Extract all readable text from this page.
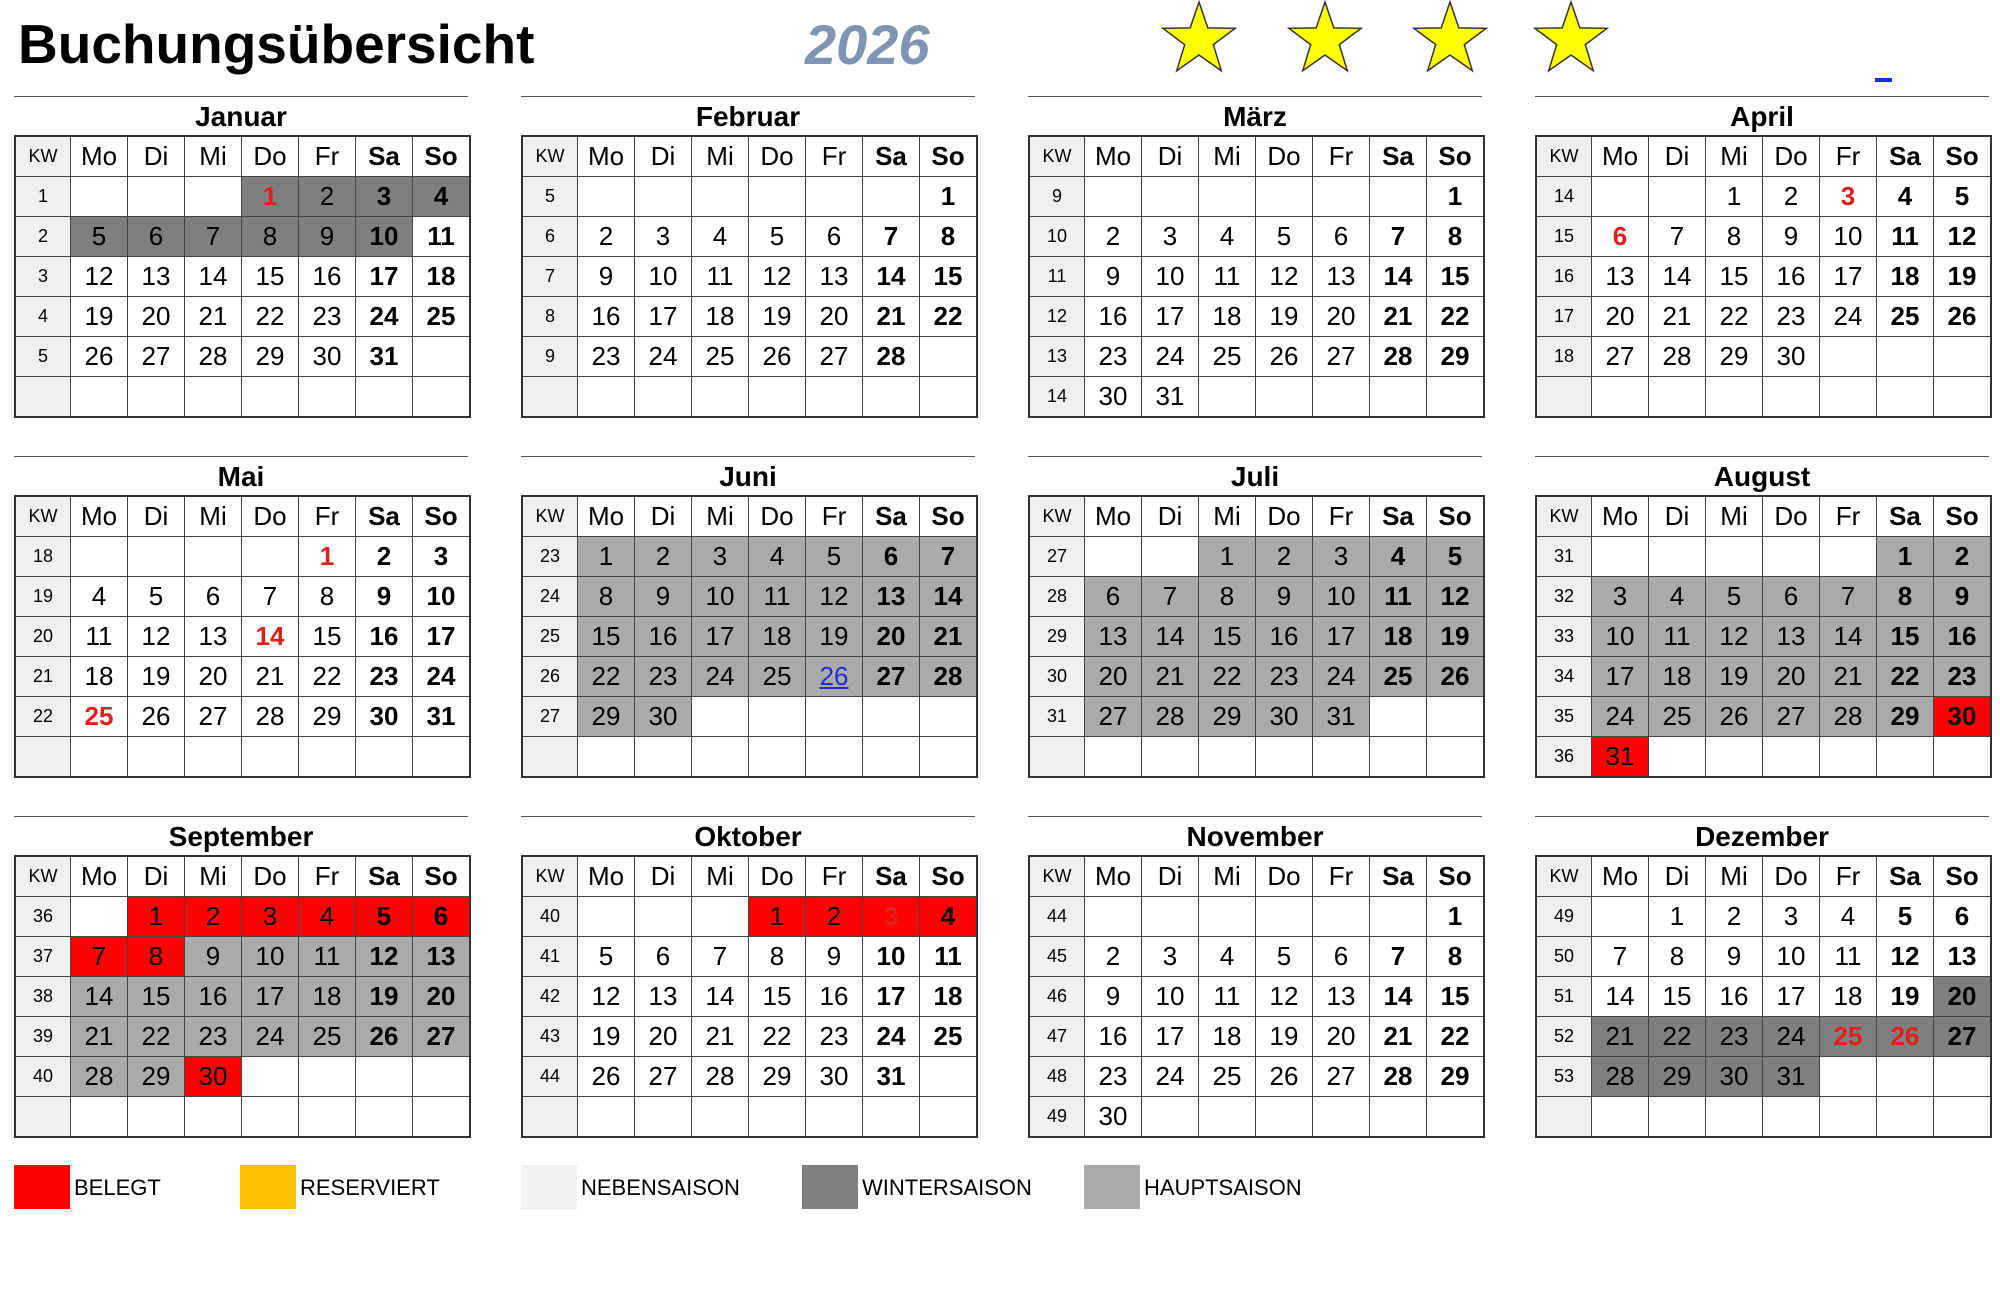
Buchungsübersicht	2026
Januar
KW	Mo	Di	Mi	Do	Fr	Sa	So
1				1	2	3	4
2	5	6	7	8	9	10	11
3	12	13	14	15	16	17	18
4	19	20	21	22	23	24	25
5	26	27	28	29	30	31	

Februar
KW	Mo	Di	Mi	Do	Fr	Sa	So
5							1
6	2	3	4	5	6	7	8
7	9	10	11	12	13	14	15
8	16	17	18	19	20	21	22
9	23	24	25	26	27	28	

März
KW	Mo	Di	Mi	Do	Fr	Sa	So
9							1
10	2	3	4	5	6	7	8
11	9	10	11	12	13	14	15
12	16	17	18	19	20	21	22
13	23	24	25	26	27	28	29
14	30	31					
April
KW	Mo	Di	Mi	Do	Fr	Sa	So
14			1	2	3	4	5
15	6	7	8	9	10	11	12
16	13	14	15	16	17	18	19
17	20	21	22	23	24	25	26
18	27	28	29	30			

Mai
KW	Mo	Di	Mi	Do	Fr	Sa	So
18					1	2	3
19	4	5	6	7	8	9	10
20	11	12	13	14	15	16	17
21	18	19	20	21	22	23	24
22	25	26	27	28	29	30	31

Juni
KW	Mo	Di	Mi	Do	Fr	Sa	So
23	1	2	3	4	5	6	7
24	8	9	10	11	12	13	14
25	15	16	17	18	19	20	21
26	22	23	24	25	26	27	28
27	29	30					

Juli
KW	Mo	Di	Mi	Do	Fr	Sa	So
27			1	2	3	4	5
28	6	7	8	9	10	11	12
29	13	14	15	16	17	18	19
30	20	21	22	23	24	25	26
31	27	28	29	30	31		

August
KW	Mo	Di	Mi	Do	Fr	Sa	So
31						1	2
32	3	4	5	6	7	8	9
33	10	11	12	13	14	15	16
34	17	18	19	20	21	22	23
35	24	25	26	27	28	29	30
36	31						
September
KW	Mo	Di	Mi	Do	Fr	Sa	So
36		1	2	3	4	5	6
37	7	8	9	10	11	12	13
38	14	15	16	17	18	19	20
39	21	22	23	24	25	26	27
40	28	29	30				

Oktober
KW	Mo	Di	Mi	Do	Fr	Sa	So
40				1	2	3	4
41	5	6	7	8	9	10	11
42	12	13	14	15	16	17	18
43	19	20	21	22	23	24	25
44	26	27	28	29	30	31	

November
KW	Mo	Di	Mi	Do	Fr	Sa	So
44							1
45	2	3	4	5	6	7	8
46	9	10	11	12	13	14	15
47	16	17	18	19	20	21	22
48	23	24	25	26	27	28	29
49	30						
Dezember
KW	Mo	Di	Mi	Do	Fr	Sa	So
49		1	2	3	4	5	6
50	7	8	9	10	11	12	13
51	14	15	16	17	18	19	20
52	21	22	23	24	25	26	27
53	28	29	30	31			

BELEGT	RESERVIERT	NEBENSAISON	WINTERSAISON	HAUPTSAISON
